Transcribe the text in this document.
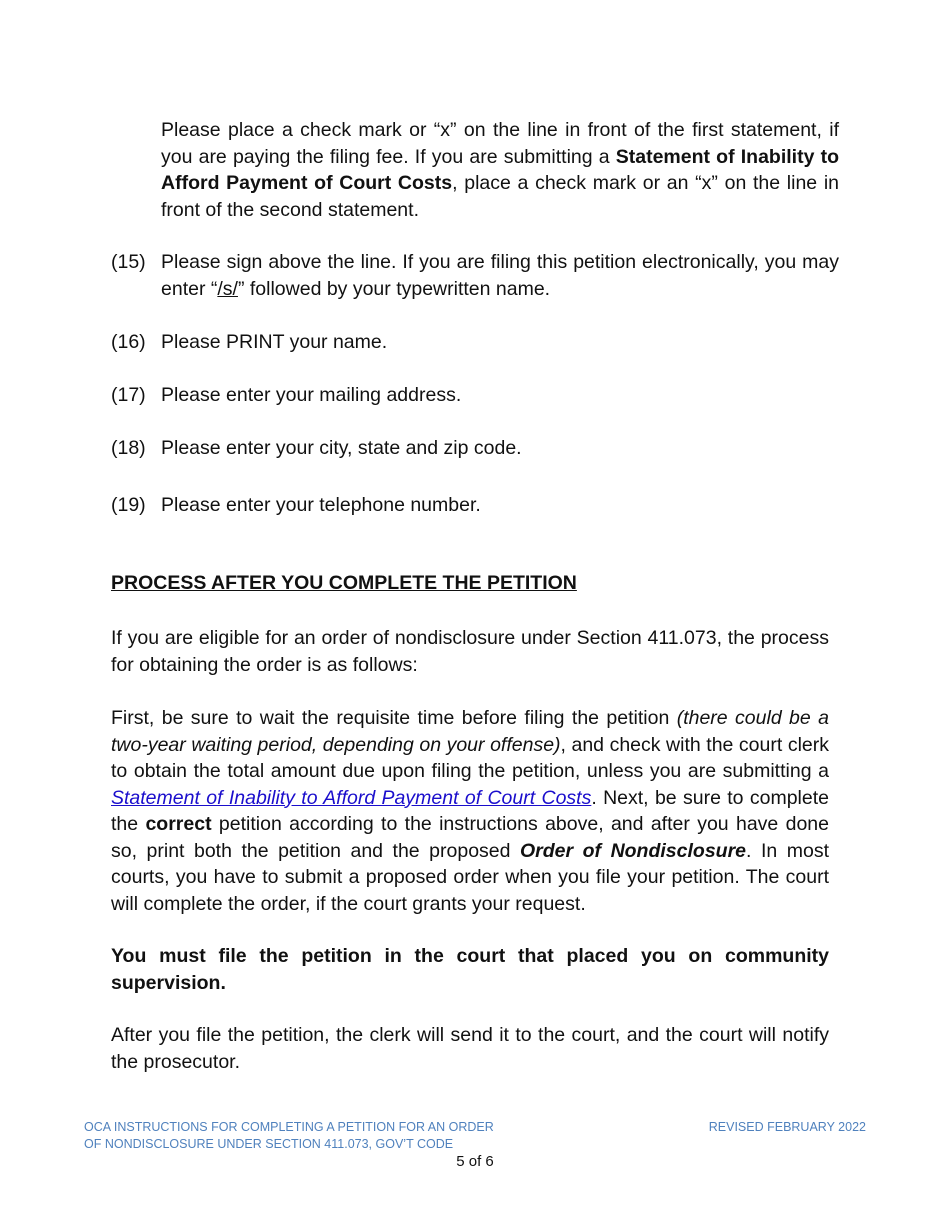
Please place a check mark or “x” on the line in front of the first statement, if you are paying the filing fee. If you are submitting a Statement of Inability to Afford Payment of Court Costs, place a check mark or an “x” on the line in front of the second statement.

(15) Please sign above the line. If you are filing this petition electronically, you may enter “/s/” followed by your typewritten name.
(16) Please PRINT your name.
(17) Please enter your mailing address.
(18) Please enter your city, state and zip code.
(19) Please enter your telephone number.
PROCESS AFTER YOU COMPLETE THE PETITION

If you are eligible for an order of nondisclosure under Section 411.073, the process for obtaining the order is as follows:

First, be sure to wait the requisite time before filing the petition (there could be a two-year waiting period, depending on your offense), and check with the court clerk to obtain the total amount due upon filing the petition, unless you are submitting a Statement of Inability to Afford Payment of Court Costs. Next, be sure to complete the correct petition according to the instructions above, and after you have done so, print both the petition and the proposed Order of Nondisclosure. In most courts, you have to submit a proposed order when you file your petition. The court will complete the order, if the court grants your request.

You must file the petition in the court that placed you on community supervision.

After you file the petition, the clerk will send it to the court, and the court will notify the prosecutor.

OCA INSTRUCTIONS FOR COMPLETING A PETITION FOR AN ORDER
OF NONDISCLOSURE UNDER SECTION 411.073, GOV’T CODE
REVISED FEBRUARY 2022
5 of 6
